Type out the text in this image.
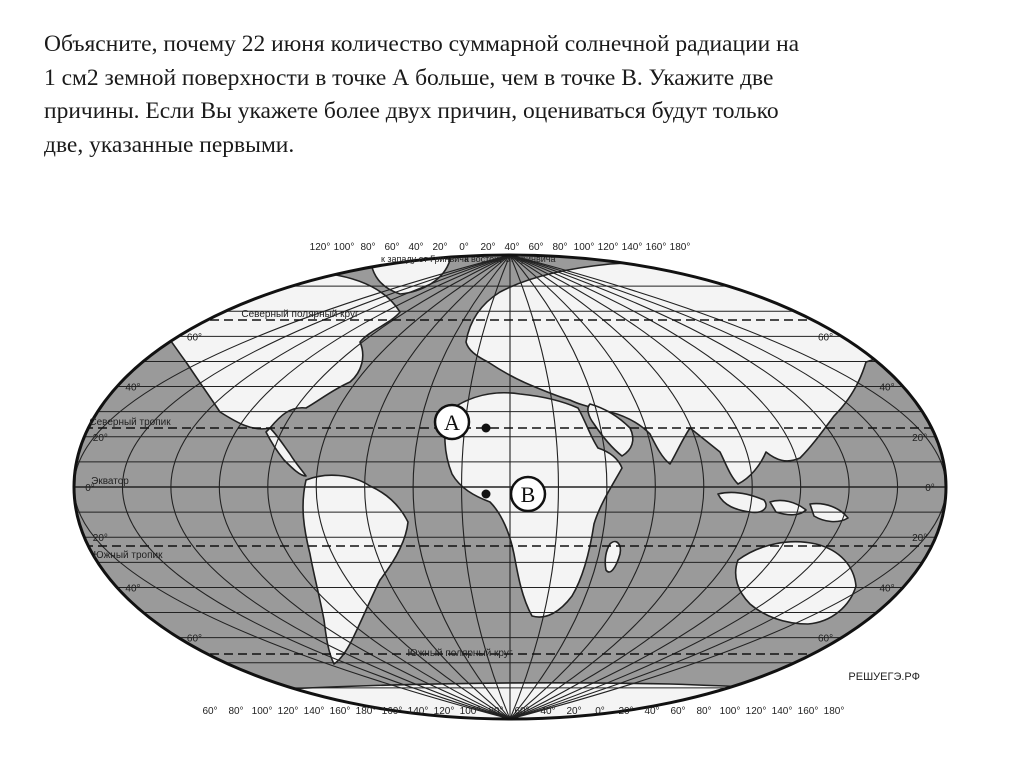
Объясните, почему 22 июня количество суммарной солнечной радиации на
1 см2 земной поверхности в точке А больше, чем в точке В. Укажите две
причины. Если Вы укажете более двух причин, оцениваться будут только
две, указанные первыми.

Северный полярный круг
Северный тропик
Экватор
Южный тропик
Южный полярный круг
60°	60°
40°	40°
20°	20°
0°	0°
20°	20°
40°	40°
60°	60°
120° 100° 80° 60° 40° 20° 0° 20° 40° 60° 80° 100° 120° 140° 160° 180°
к западу от Гринвича
к востоку от Гринвича
60° 80° 100° 120° 140° 160° 180° 160° 140° 120° 100° 80° 60° 40° 20° 0° 20° 40° 60° 80° 100° 120° 140° 160° 180°
A
B
РЕШУЕГЭ.РФ
